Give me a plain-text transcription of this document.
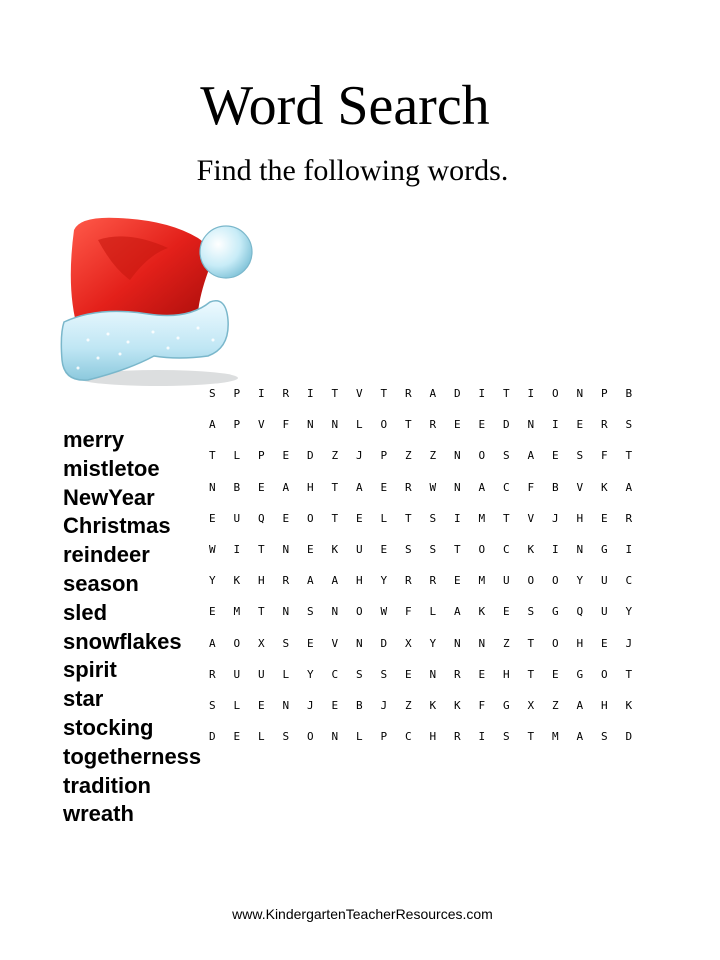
Word Search
Find the following words.
merry
mistletoe
NewYear
Christmas
reindeer
season
sled
snowflakes
spirit
star
stocking
togetherness
tradition
wreath
S	P	I	R	I	T	V	T	R	A	D	I	T	I	O	N	P	B
A	P	V	F	N	N	L	O	T	R	E	E	D	N	I	E	R	S
T	L	P	E	D	Z	J	P	Z	Z	N	O	S	A	E	S	F	T
N	B	E	A	H	T	A	E	R	W	N	A	C	F	B	V	K	A
E	U	Q	E	O	T	E	L	T	S	I	M	T	V	J	H	E	R
W	I	T	N	E	K	U	E	S	S	T	O	C	K	I	N	G	I
Y	K	H	R	A	A	H	Y	R	R	E	M	U	O	O	Y	U	C
E	M	T	N	S	N	O	W	F	L	A	K	E	S	G	Q	U	Y
A	O	X	S	E	V	N	D	X	Y	N	N	Z	T	O	H	E	J
R	U	U	L	Y	C	S	S	E	N	R	E	H	T	E	G	O	T
S	L	E	N	J	E	B	J	Z	K	K	F	G	X	Z	A	H	K
D	E	L	S	O	N	L	P	C	H	R	I	S	T	M	A	S	D
www.KindergartenTeacherResources.com
